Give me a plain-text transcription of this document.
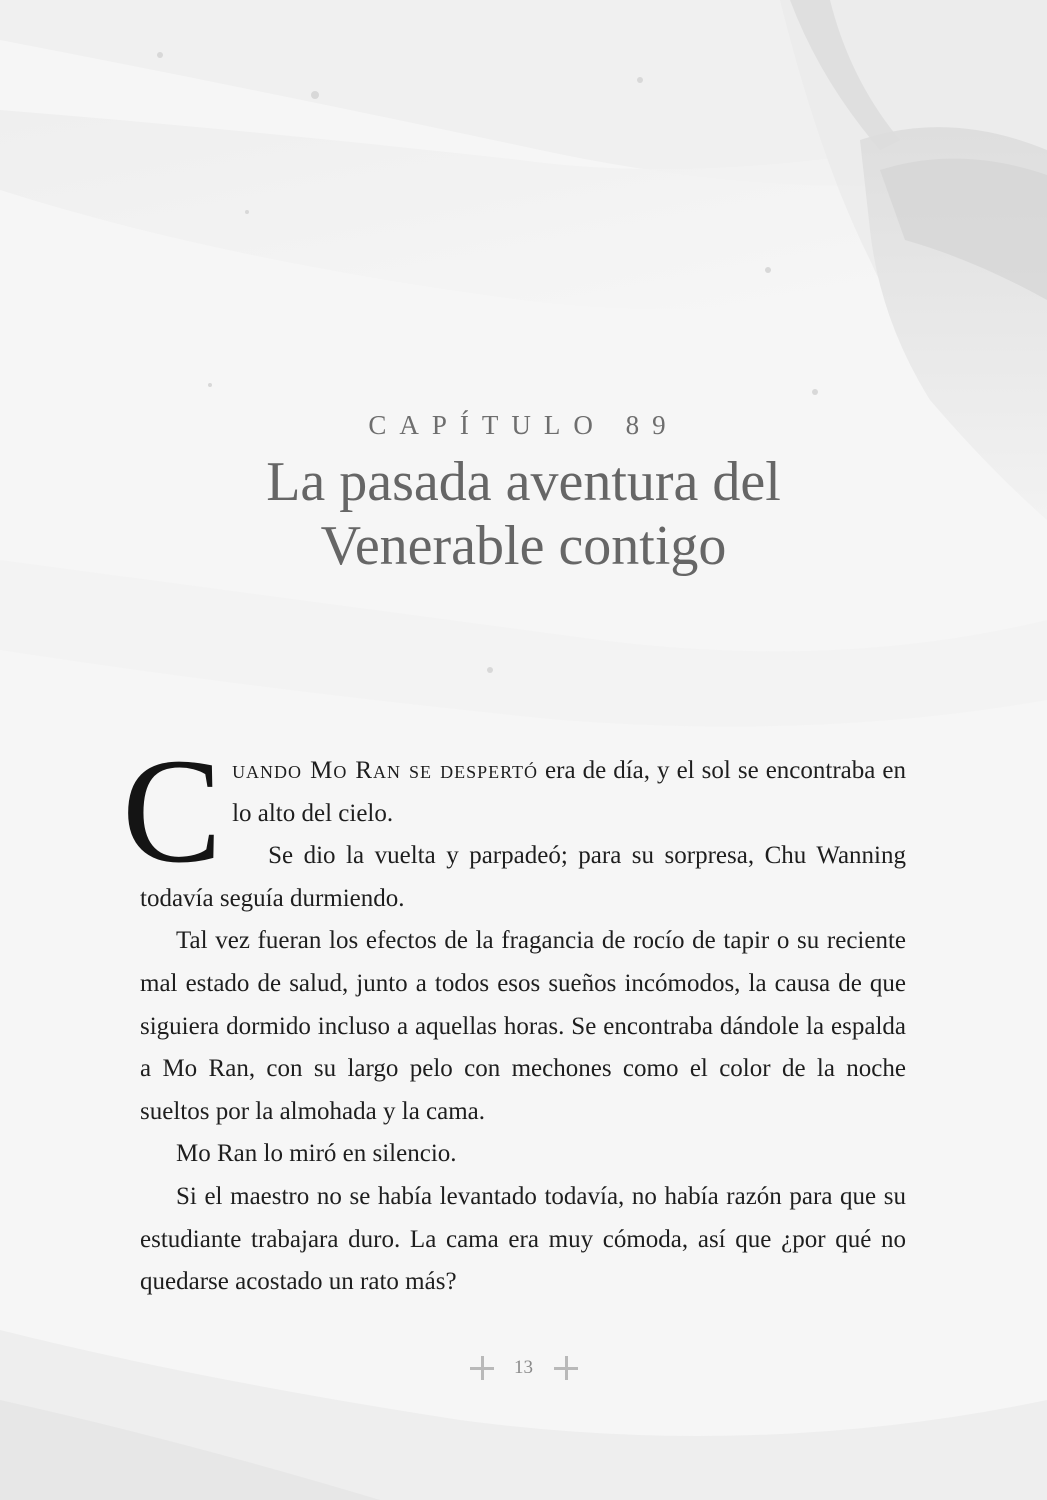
CAPÍTULO 89
La pasada aventura del
Venerable contigo

Cuando Mo Ran se despertó era de día, y el sol se encontraba en lo alto del cielo.

Se dio la vuelta y parpadeó; para su sorpresa, Chu Wanning todavía seguía durmiendo.

Tal vez fueran los efectos de la fragancia de rocío de tapir o su reciente mal estado de salud, junto a todos esos sueños incómodos, la causa de que siguiera dormido incluso a aquellas horas. Se encontraba dándole la espalda a Mo Ran, con su largo pelo con mechones como el color de la noche sueltos por la almohada y la cama.

Mo Ran lo miró en silencio.

Si el maestro no se había levantado todavía, no había razón para que su estudiante trabajara duro. La cama era muy cómoda, así que ¿por qué no quedarse acostado un rato más?

13
